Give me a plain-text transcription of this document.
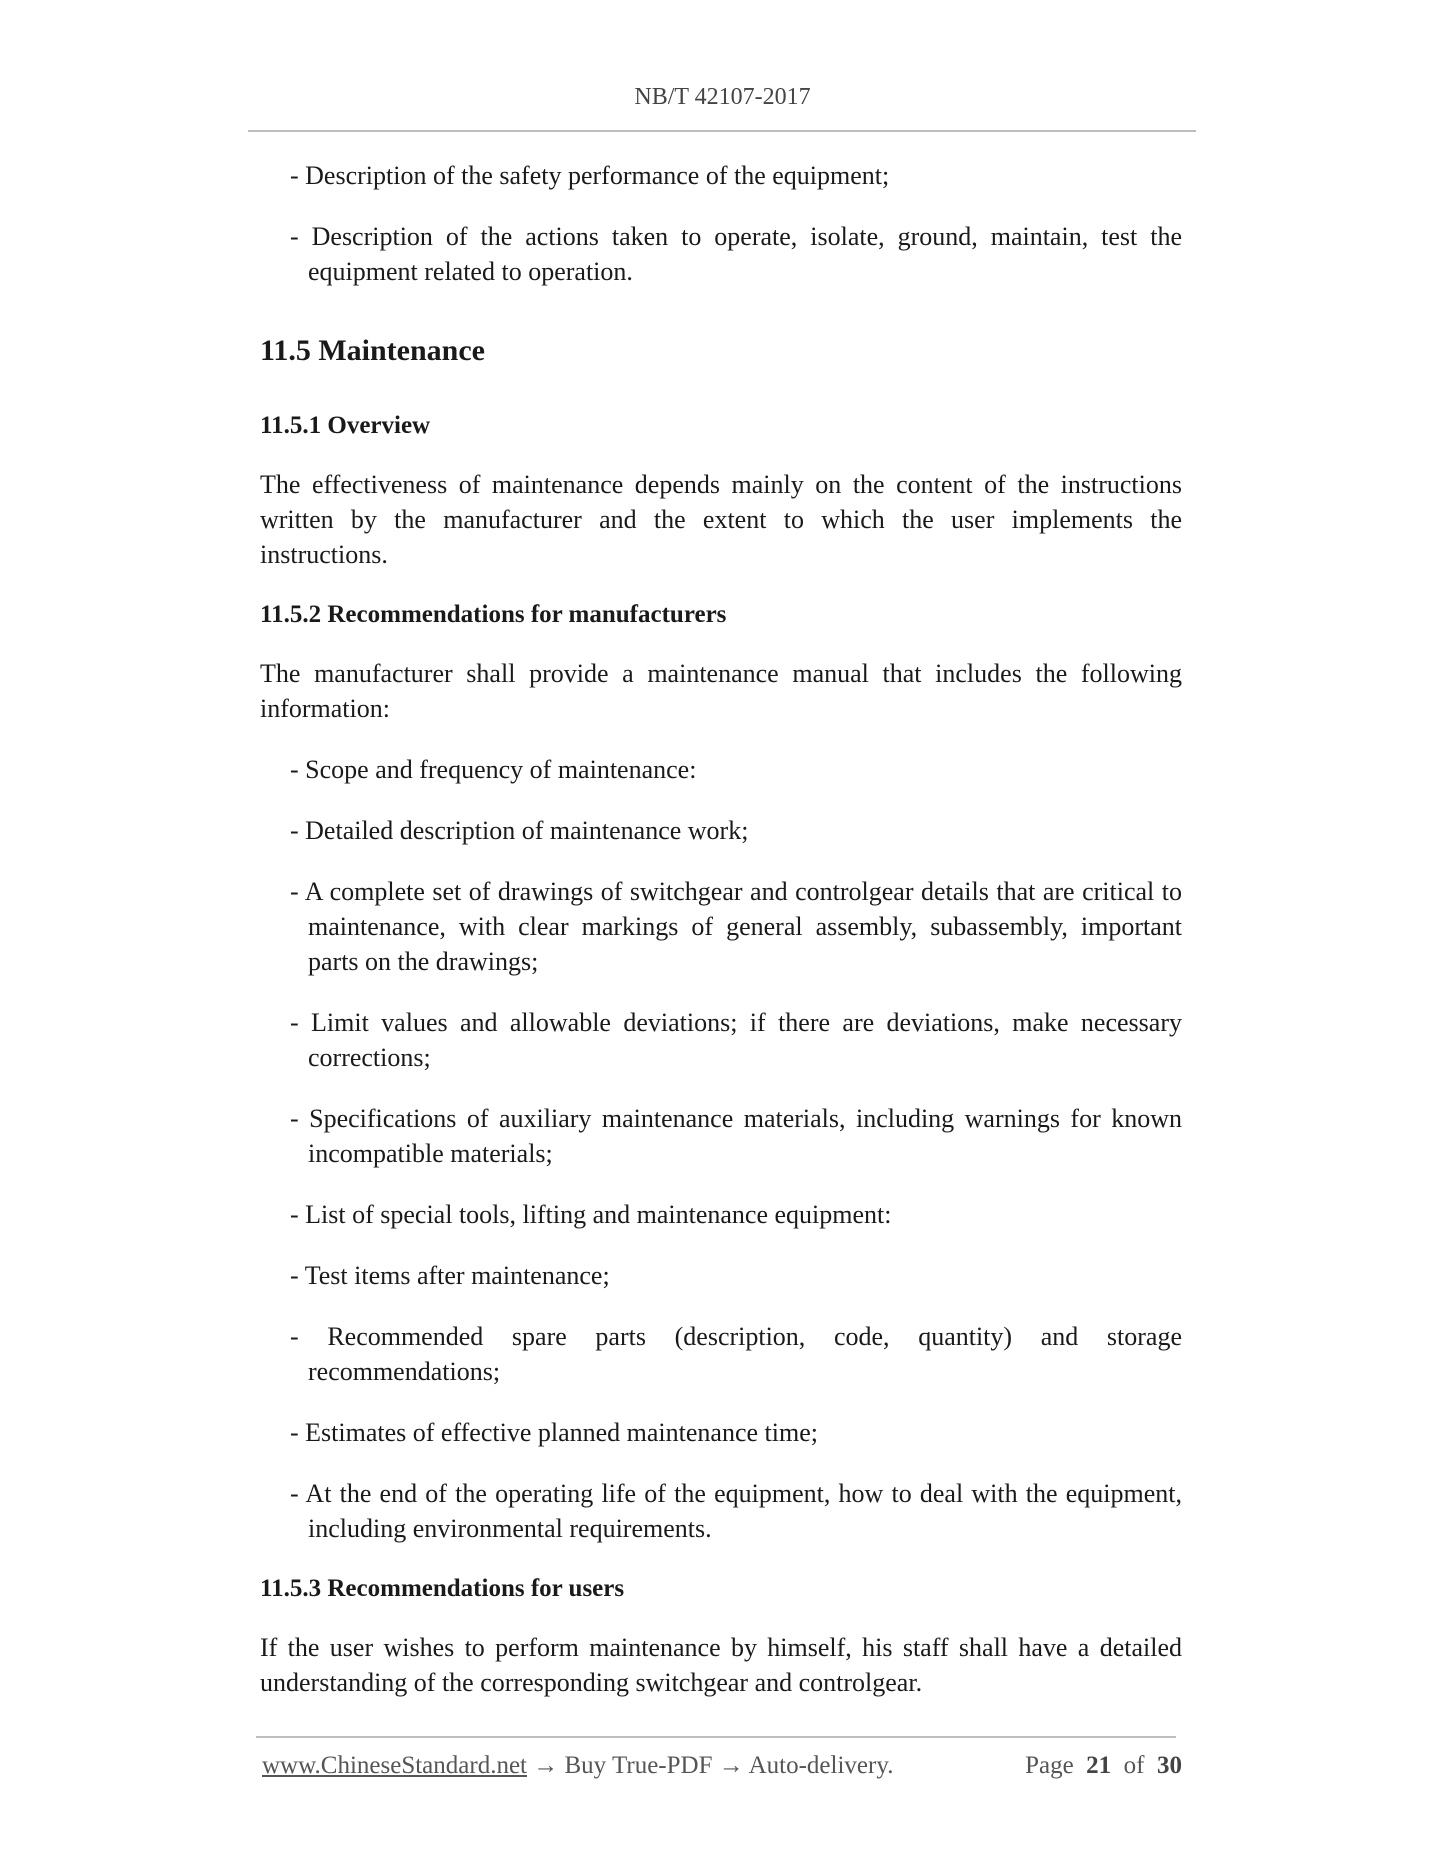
NB/T 42107-2017

- Description of the safety performance of the equipment;

- Description of the actions taken to operate, isolate, ground, maintain, test the equipment related to operation.

11.5 Maintenance
11.5.1 Overview

The effectiveness of maintenance depends mainly on the content of the instructions written by the manufacturer and the extent to which the user implements the instructions.

11.5.2 Recommendations for manufacturers

The manufacturer shall provide a maintenance manual that includes the following information:

- Scope and frequency of maintenance:

- Detailed description of maintenance work;

- A complete set of drawings of switchgear and controlgear details that are critical to maintenance, with clear markings of general assembly, subassembly, important parts on the drawings;

- Limit values and allowable deviations; if there are deviations, make necessary corrections;

- Specifications of auxiliary maintenance materials, including warnings for known incompatible materials;

- List of special tools, lifting and maintenance equipment:

- Test items after maintenance;

- Recommended spare parts (description, code, quantity) and storage recommendations;

- Estimates of effective planned maintenance time;

- At the end of the operating life of the equipment, how to deal with the equipment, including environmental requirements.

11.5.3 Recommendations for users

If the user wishes to perform maintenance by himself, his staff shall have a detailed understanding of the corresponding switchgear and controlgear.

www.ChineseStandard.net → Buy True-PDF → Auto-delivery.	Page 21 of 30
